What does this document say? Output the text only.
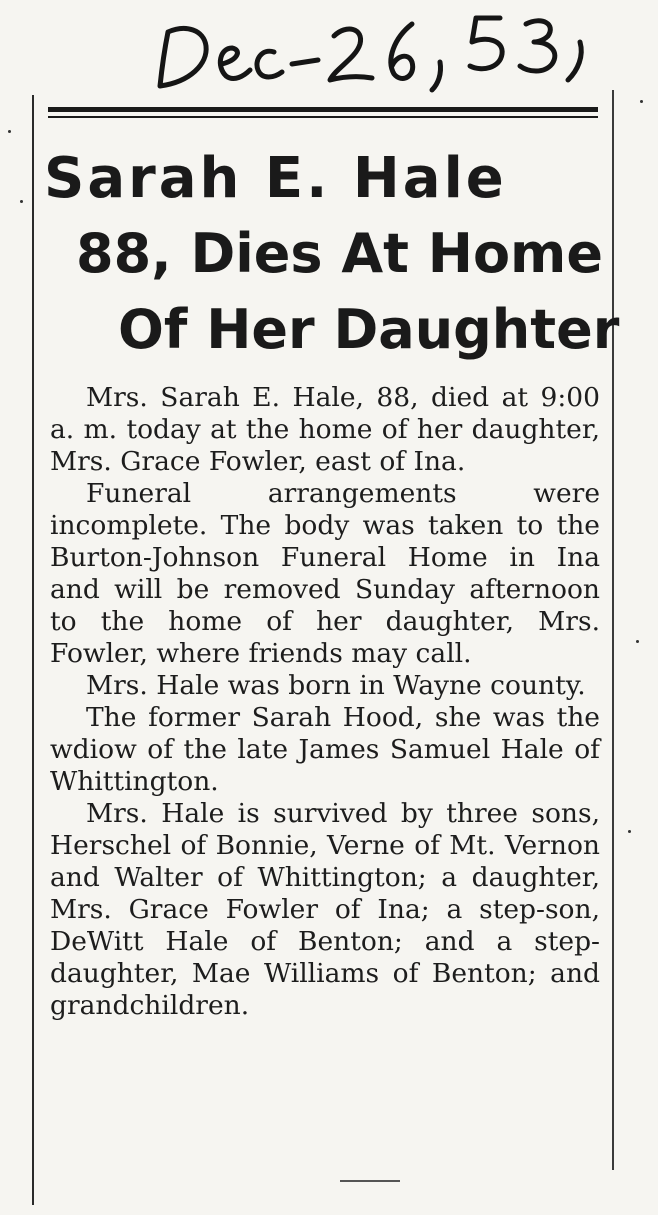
Sarah E. Hale
88, Dies At Home
Of Her Daughter

Mrs. Sarah E. Hale, 88, died at 9:00 a. m. today at the home of her daughter, Mrs. Grace Fowler, east of Ina.

Funeral arrangements were incomplete. The body was taken to the Burton-Johnson Funeral Home in Ina and will be removed Sunday afternoon to the home of her daughter, Mrs. Fowler, where friends may call.

Mrs. Hale was born in Wayne county.

The former Sarah Hood, she was the wdiow of the late James Samuel Hale of Whittington.

Mrs. Hale is survived by three sons, Herschel of Bonnie, Verne of Mt. Vernon and Walter of Whittington; a daughter, Mrs. Grace Fowler of Ina; a step-son, DeWitt Hale of Benton; and a step-daughter, Mae Williams of Benton; and grandchildren.
